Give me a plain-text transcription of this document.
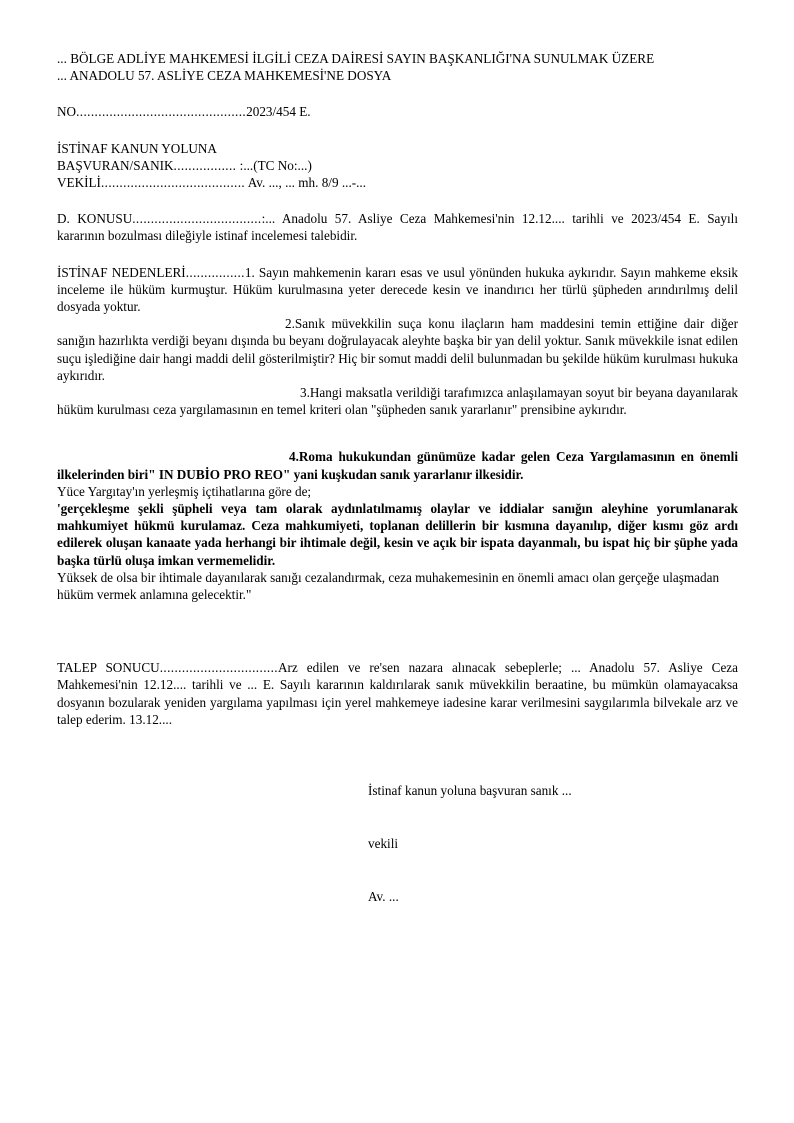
... BÖLGE ADLİYE MAHKEMESİ İLGİLİ CEZA DAİRESİ SAYIN BAŞKANLIĞI'NA SUNULMAK ÜZERE
... ANADOLU 57. ASLİYE CEZA MAHKEMESİ'NE DOSYA
NO..............................................2023/454 E.
İSTİNAF KANUN YOLUNA
BAŞVURAN/SANIK................. :...(TC No:...)
VEKİLİ....................................... Av. ..., ... mh. 8/9 ...-...
D. KONUSU...................................:... Anadolu 57. Asliye Ceza Mahkemesi'nin 12.12.... tarihli ve 2023/454 E. Sayılı kararının bozulması dileğiyle istinaf incelemesi talebidir.
İSTİNAF NEDENLERİ................1. Sayın mahkemenin kararı esas ve usul yönünden hukuka aykırıdır. Sayın mahkeme eksik inceleme ile hüküm kurmuştur. Hüküm kurulmasına yeter derecede kesin ve inandırıcı her türlü şüpheden arındırılmış delil dosyada yoktur.
2.Sanık müvekkilin suça konu ilaçların ham maddesini temin ettiğine dair diğer sanığın hazırlıkta verdiği beyanı dışında bu beyanı doğrulayacak aleyhte başka bir yan delil yoktur. Sanık müvekkile isnat edilen suçu işlediğine dair hangi maddi delil gösterilmiştir? Hiç bir somut maddi delil bulunmadan bu şekilde hüküm kurulması hukuka aykırıdır.
3.Hangi maksatla verildiği tarafımızca anlaşılamayan soyut bir beyana dayanılarak hüküm kurulması ceza yargılamasının en temel kriteri olan "şüpheden sanık yararlanır" prensibine aykırıdır.
4.Roma hukukundan günümüze kadar gelen Ceza Yargılamasının en önemli ilkelerinden biri" IN DUBİO PRO REO" yani kuşkudan sanık yararlanır ilkesidir.
Yüce Yargıtay'ın yerleşmiş içtihatlarına göre de;
'gerçekleşme şekli şüpheli veya tam olarak aydınlatılmamış olaylar ve iddialar sanığın aleyhine yorumlanarak mahkumiyet hükmü kurulamaz. Ceza mahkumiyeti, toplanan delillerin bir kısmına dayanılıp, diğer kısmı göz ardı edilerek oluşan kanaate yada herhangi bir ihtimale değil, kesin ve açık bir ispata dayanmalı, bu ispat hiç bir şüphe yada başka türlü oluşa imkan vermemelidir.
Yüksek de olsa bir ihtimale dayanılarak sanığı cezalandırmak, ceza muhakemesinin en önemli amacı olan gerçeğe ulaşmadan hüküm vermek anlamına gelecektir."
TALEP SONUCU................................Arz edilen ve re'sen nazara alınacak sebeplerle; ... Anadolu 57. Asliye Ceza Mahkemesi'nin 12.12.... tarihli ve ... E. Sayılı kararının kaldırılarak sanık müvekkilin beraatine, bu mümkün olamayacaksa dosyanın bozularak yeniden yargılama yapılması için yerel mahkemeye iadesine karar verilmesini saygılarımla bilvekale arz ve talep ederim. 13.12....

İstinaf kanun yoluna başvuran sanık ...

vekili

Av. ...
